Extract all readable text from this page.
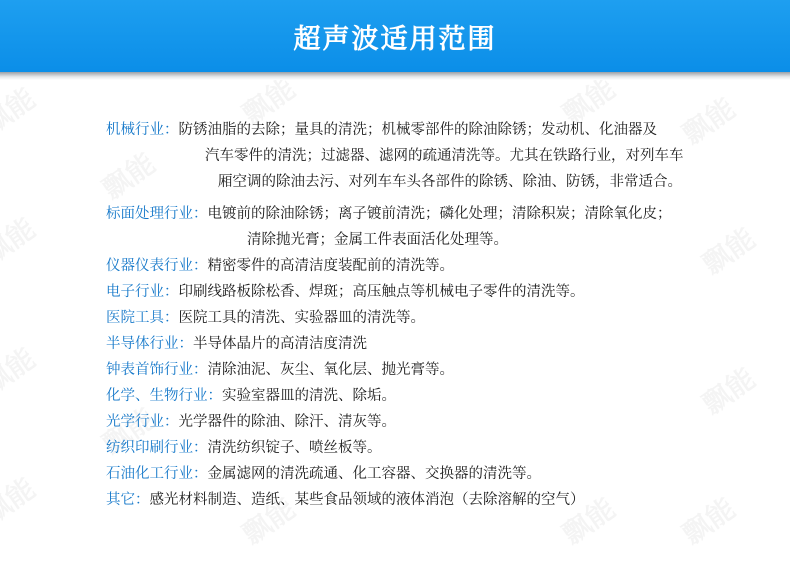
超声波适用范围
机械行业：防锈油脂的去除；量具的清洗；机械零部件的除油除锈；发动机、化油器及
汽车零件的清洗；过滤器、滤网的疏通清洗等。尤其在铁路行业，对列车车
厢空调的除油去污、对列车车头各部件的除锈、除油、防锈，非常适合。
标面处理行业：电镀前的除油除锈；离子镀前清洗；磷化处理；清除积炭；清除氧化皮；
清除抛光膏；金属工件表面活化处理等。
仪器仪表行业：精密零件的高清洁度装配前的清洗等。
电子行业：印刷线路板除松香、焊斑；高压触点等机械电子零件的清洗等。
医院工具：医院工具的清洗、实验器皿的清洗等。
半导体行业：半导体晶片的高清洁度清洗
钟表首饰行业：清除油泥、灰尘、氧化层、抛光膏等。
化学、生物行业：实验室器皿的清洗、除垢。
光学行业：光学器件的除油、除汗、清灰等。
纺织印刷行业：清洗纺织锭子、喷丝板等。
石油化工行业：金属滤网的清洗疏通、化工容器、交换器的清洗等。
其它：感光材料制造、造纸、某些食品领域的液体消泡（去除溶解的空气）
